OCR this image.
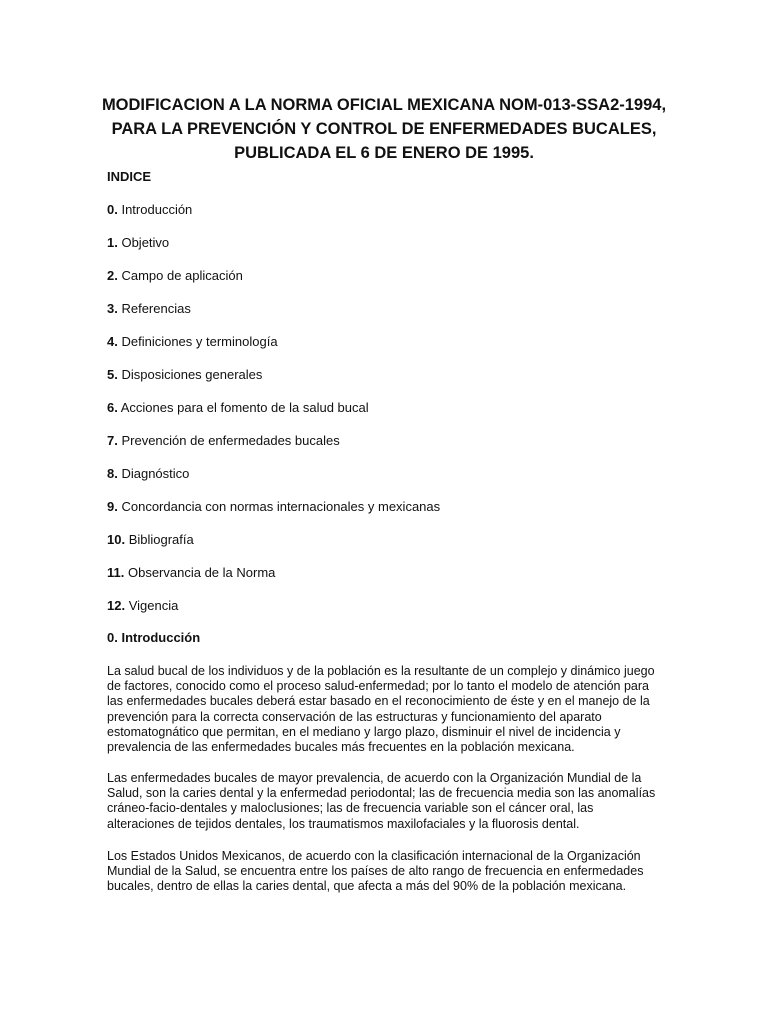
MODIFICACION A LA NORMA OFICIAL MEXICANA NOM-013-SSA2-1994, PARA LA PREVENCIÓN Y CONTROL DE ENFERMEDADES BUCALES, PUBLICADA EL 6 DE ENERO DE 1995.
INDICE
0. Introducción
1. Objetivo
2. Campo de aplicación
3. Referencias
4. Definiciones y terminología
5. Disposiciones generales
6. Acciones para el fomento de la salud bucal
7. Prevención de enfermedades bucales
8. Diagnóstico
9. Concordancia con normas internacionales y mexicanas
10. Bibliografía
11. Observancia de la Norma
12. Vigencia
0. Introducción

La salud bucal de los individuos y de la población es la resultante de un complejo y dinámico juego de factores, conocido como el proceso salud-enfermedad; por lo tanto el modelo de atención para las enfermedades bucales deberá estar basado en el reconocimiento de éste y en el manejo de la prevención para la correcta conservación de las estructuras y funcionamiento del aparato estomatognático que permitan, en el mediano y largo plazo, disminuir el nivel de incidencia y prevalencia de las enfermedades bucales más frecuentes en la población mexicana.

Las enfermedades bucales de mayor prevalencia, de acuerdo con la Organización Mundial de la Salud, son la caries dental y la enfermedad periodontal; las de frecuencia media son las anomalías cráneo-facio-dentales y maloclusiones; las de frecuencia variable son el cáncer oral, las alteraciones de tejidos dentales, los traumatismos maxilofaciales y la fluorosis dental.

Los Estados Unidos Mexicanos, de acuerdo con la clasificación internacional de la Organización Mundial de la Salud, se encuentra entre los países de alto rango de frecuencia en enfermedades bucales, dentro de ellas la caries dental, que afecta a más del 90% de la población mexicana.
